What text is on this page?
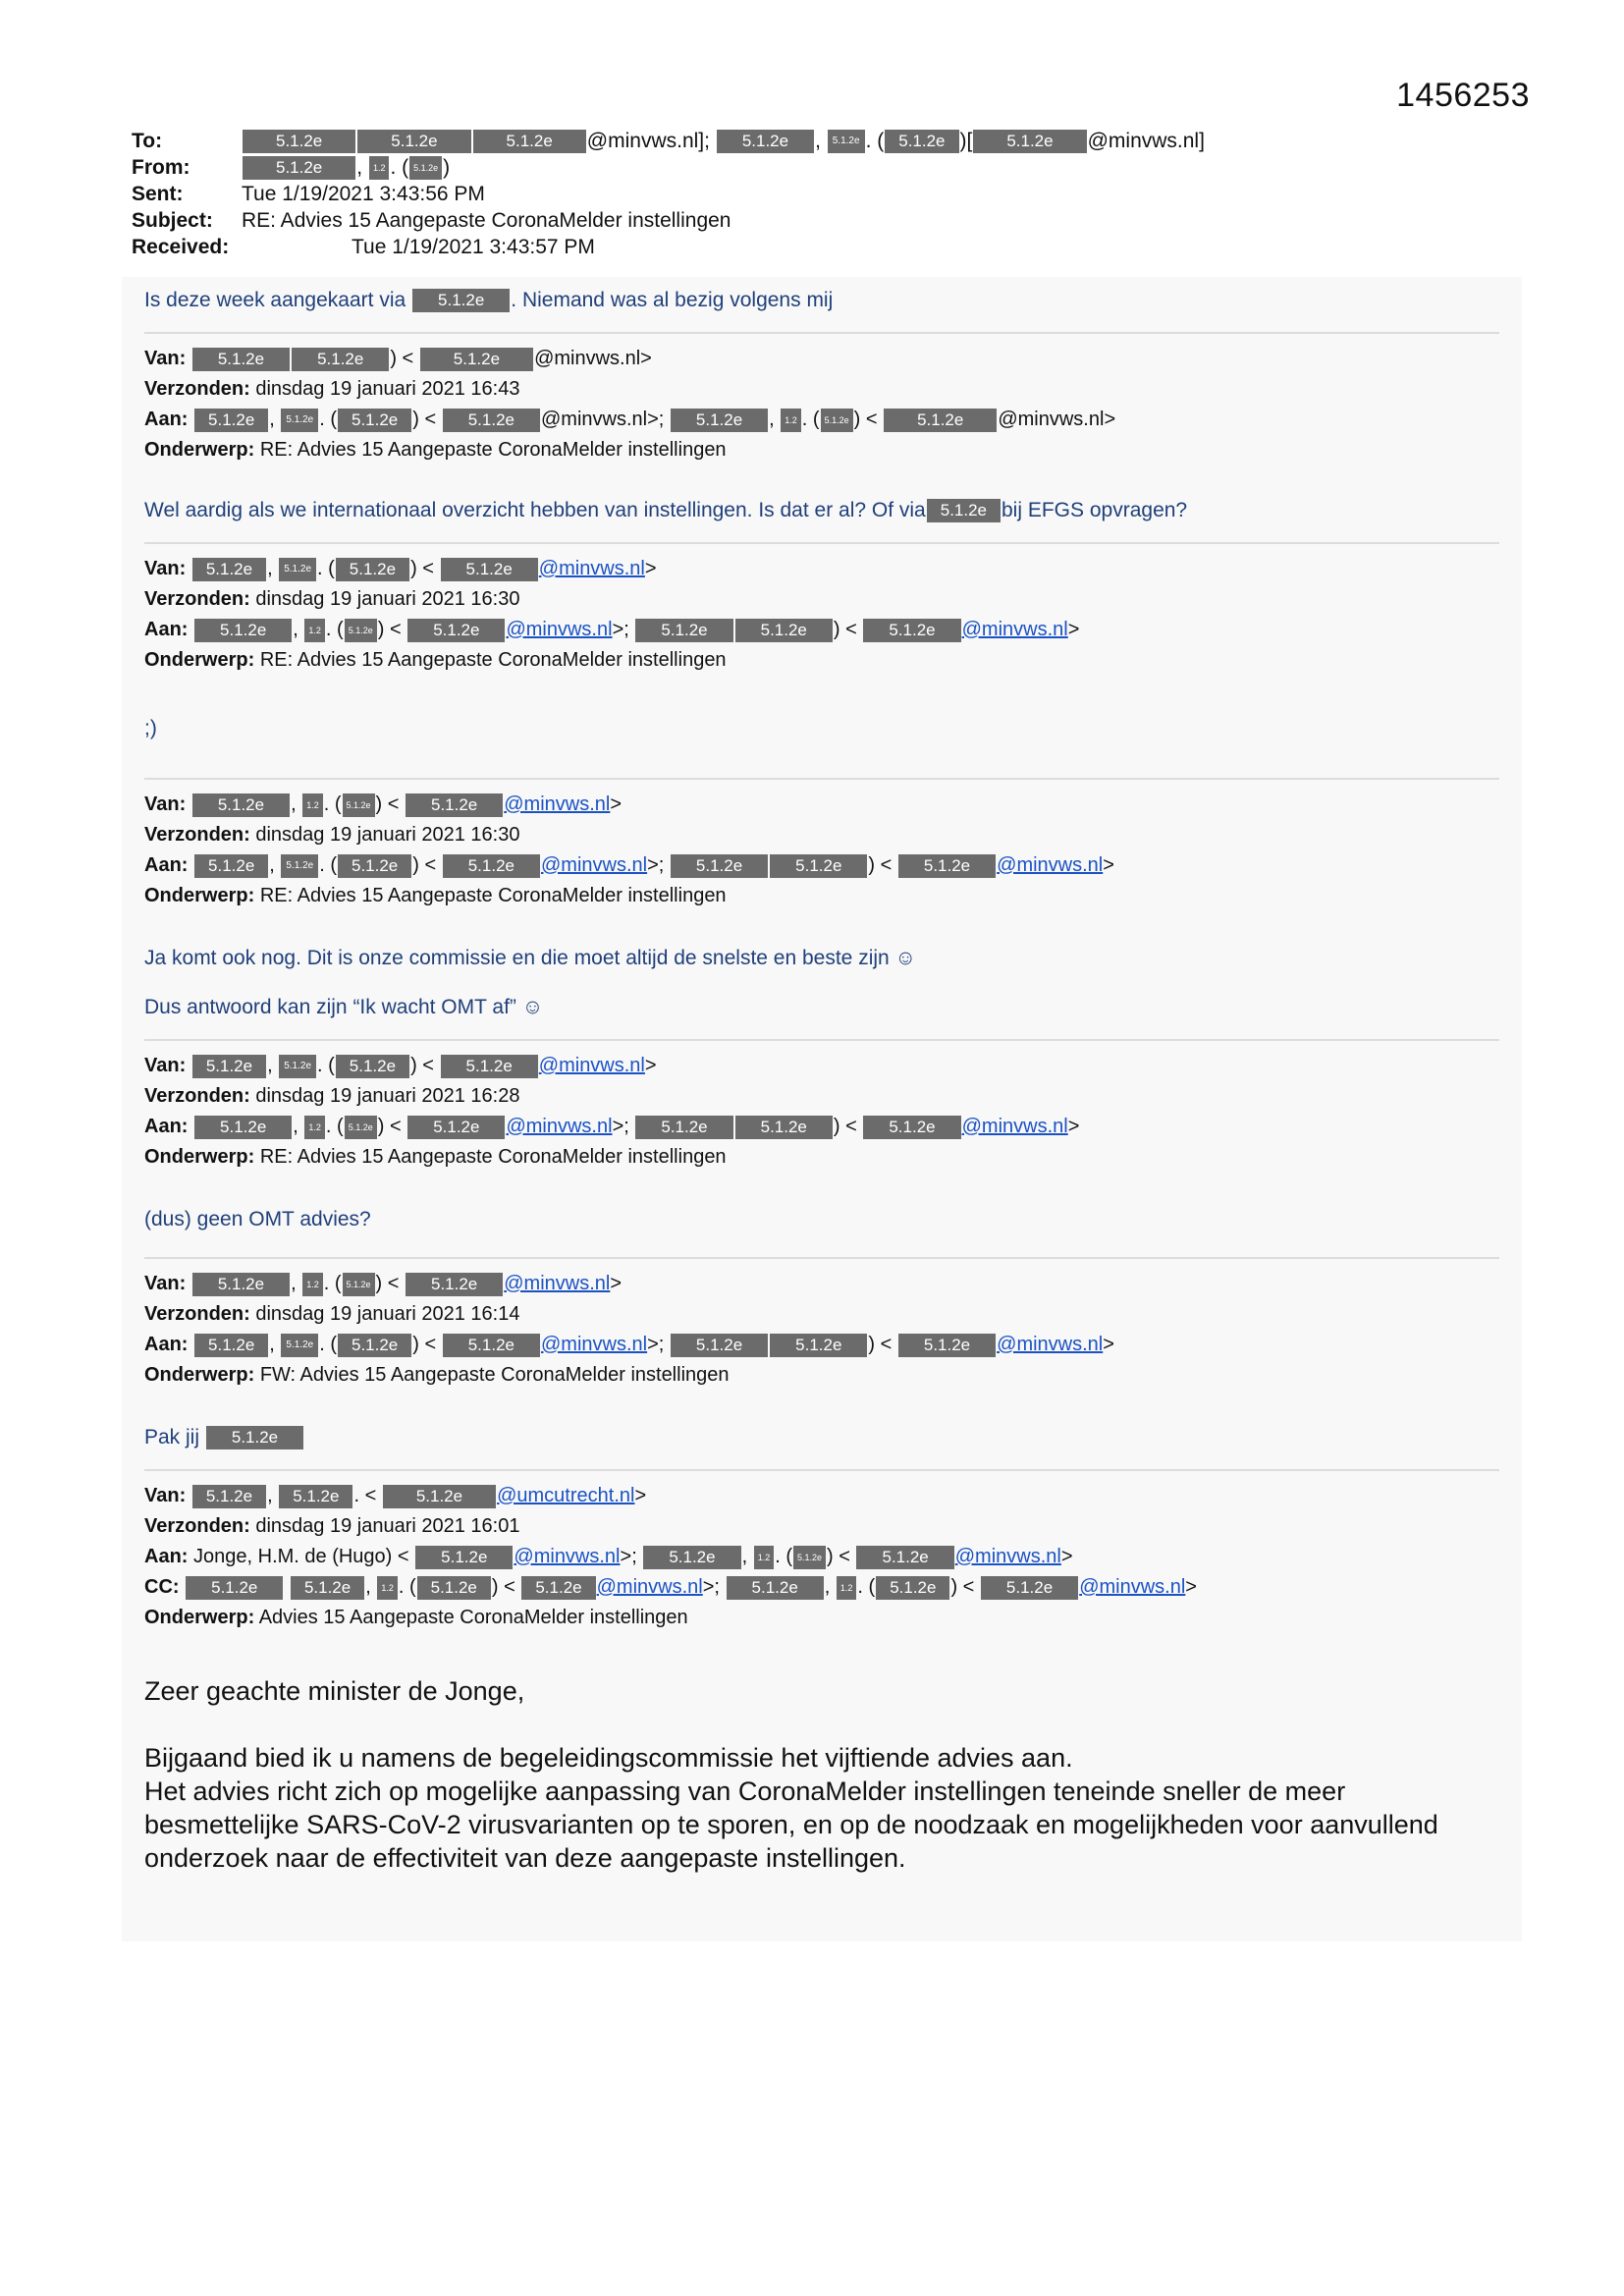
1456253
To:	5.1.2e	5.1.2e	5.1.2e @minvws.nl]; 5.1.2e , 5.1.2e . ( 5.1.2e )[ 5.1.2e @minvws.nl]
From:	5.1.2e , 1.2 . ( 5.1.2e )
Sent:	Tue 1/19/2021 3:43:56 PM
Subject:	RE: Advies 15 Aangepaste CoronaMelder instellingen
Received:	Tue 1/19/2021 3:43:57 PM

Is deze week aangekaart via 5.1.2e . Niemand was al bezig volgens mij

Van: 5.1.2e	5.1.2e ) < 5.1.2e @minvws.nl>
Verzonden: dinsdag 19 januari 2021 16:43
Aan: 5.1.2e , 5.1.2e . ( 5.1.2e ) < 5.1.2e @minvws.nl>; 5.1.2e , 1.2 . ( 5.1.2e ) < 5.1.2e @minvws.nl>
Onderwerp: RE: Advies 15 Aangepaste CoronaMelder instellingen

Wel aardig als we internationaal overzicht hebben van instellingen. Is dat er al? Of via 5.1.2e bij EFGS opvragen?

Van: 5.1.2e , 5.1.2e . ( 5.1.2e ) < 5.1.2e @minvws.nl>
Verzonden: dinsdag 19 januari 2021 16:30
Aan: 5.1.2e , 1.2 . ( 5.1.2e ) < 5.1.2e @minvws.nl>; 5.1.2e	5.1.2e ) < 5.1.2e @minvws.nl>
Onderwerp: RE: Advies 15 Aangepaste CoronaMelder instellingen

;)

Van: 5.1.2e , 1.2 . ( 5.1.2e ) < 5.1.2e @minvws.nl>
Verzonden: dinsdag 19 januari 2021 16:30
Aan: 5.1.2e , 5.1.2e . ( 5.1.2e ) < 5.1.2e @minvws.nl>; 5.1.2e	5.1.2e ) < 5.1.2e @minvws.nl>
Onderwerp: RE: Advies 15 Aangepaste CoronaMelder instellingen

Ja komt ook nog. Dit is onze commissie en die moet altijd de snelste en beste zijn ☺

Dus antwoord kan zijn “Ik wacht OMT af” ☺

Van: 5.1.2e , 5.1.2e . ( 5.1.2e ) < 5.1.2e @minvws.nl>
Verzonden: dinsdag 19 januari 2021 16:28
Aan: 5.1.2e , 1.2 . ( 5.1.2e ) < 5.1.2e @minvws.nl>; 5.1.2e	5.1.2e ) < 5.1.2e @minvws.nl>
Onderwerp: RE: Advies 15 Aangepaste CoronaMelder instellingen

(dus) geen OMT advies?

Van: 5.1.2e , 1.2 . ( 5.1.2e ) < 5.1.2e @minvws.nl>
Verzonden: dinsdag 19 januari 2021 16:14
Aan: 5.1.2e , 5.1.2e . ( 5.1.2e ) < 5.1.2e @minvws.nl>; 5.1.2e	5.1.2e ) < 5.1.2e @minvws.nl>
Onderwerp: FW: Advies 15 Aangepaste CoronaMelder instellingen

Pak jij 5.1.2e

Van: 5.1.2e , 5.1.2e . < 5.1.2e @umcutrecht.nl>
Verzonden: dinsdag 19 januari 2021 16:01
Aan: Jonge, H.M. de (Hugo) < 5.1.2e @minvws.nl>; 5.1.2e , 1.2 . ( 5.1.2e ) < 5.1.2e @minvws.nl>
CC: 5.1.2e	5.1.2e , 1.2 . ( 5.1.2e ) < 5.1.2e @minvws.nl>; 5.1.2e , 1.2 . ( 5.1.2e ) < 5.1.2e @minvws.nl>
Onderwerp: Advies 15 Aangepaste CoronaMelder instellingen

Zeer geachte minister de Jonge,

Bijgaand bied ik u namens de begeleidingscommissie het vijftiende advies aan.

Het advies richt zich op mogelijke aanpassing van CoronaMelder instellingen teneinde sneller de meer besmettelijke SARS-CoV-2 virusvarianten op te sporen, en op de noodzaak en mogelijkheden voor aanvullend onderzoek naar de effectiviteit van deze aangepaste instellingen.
